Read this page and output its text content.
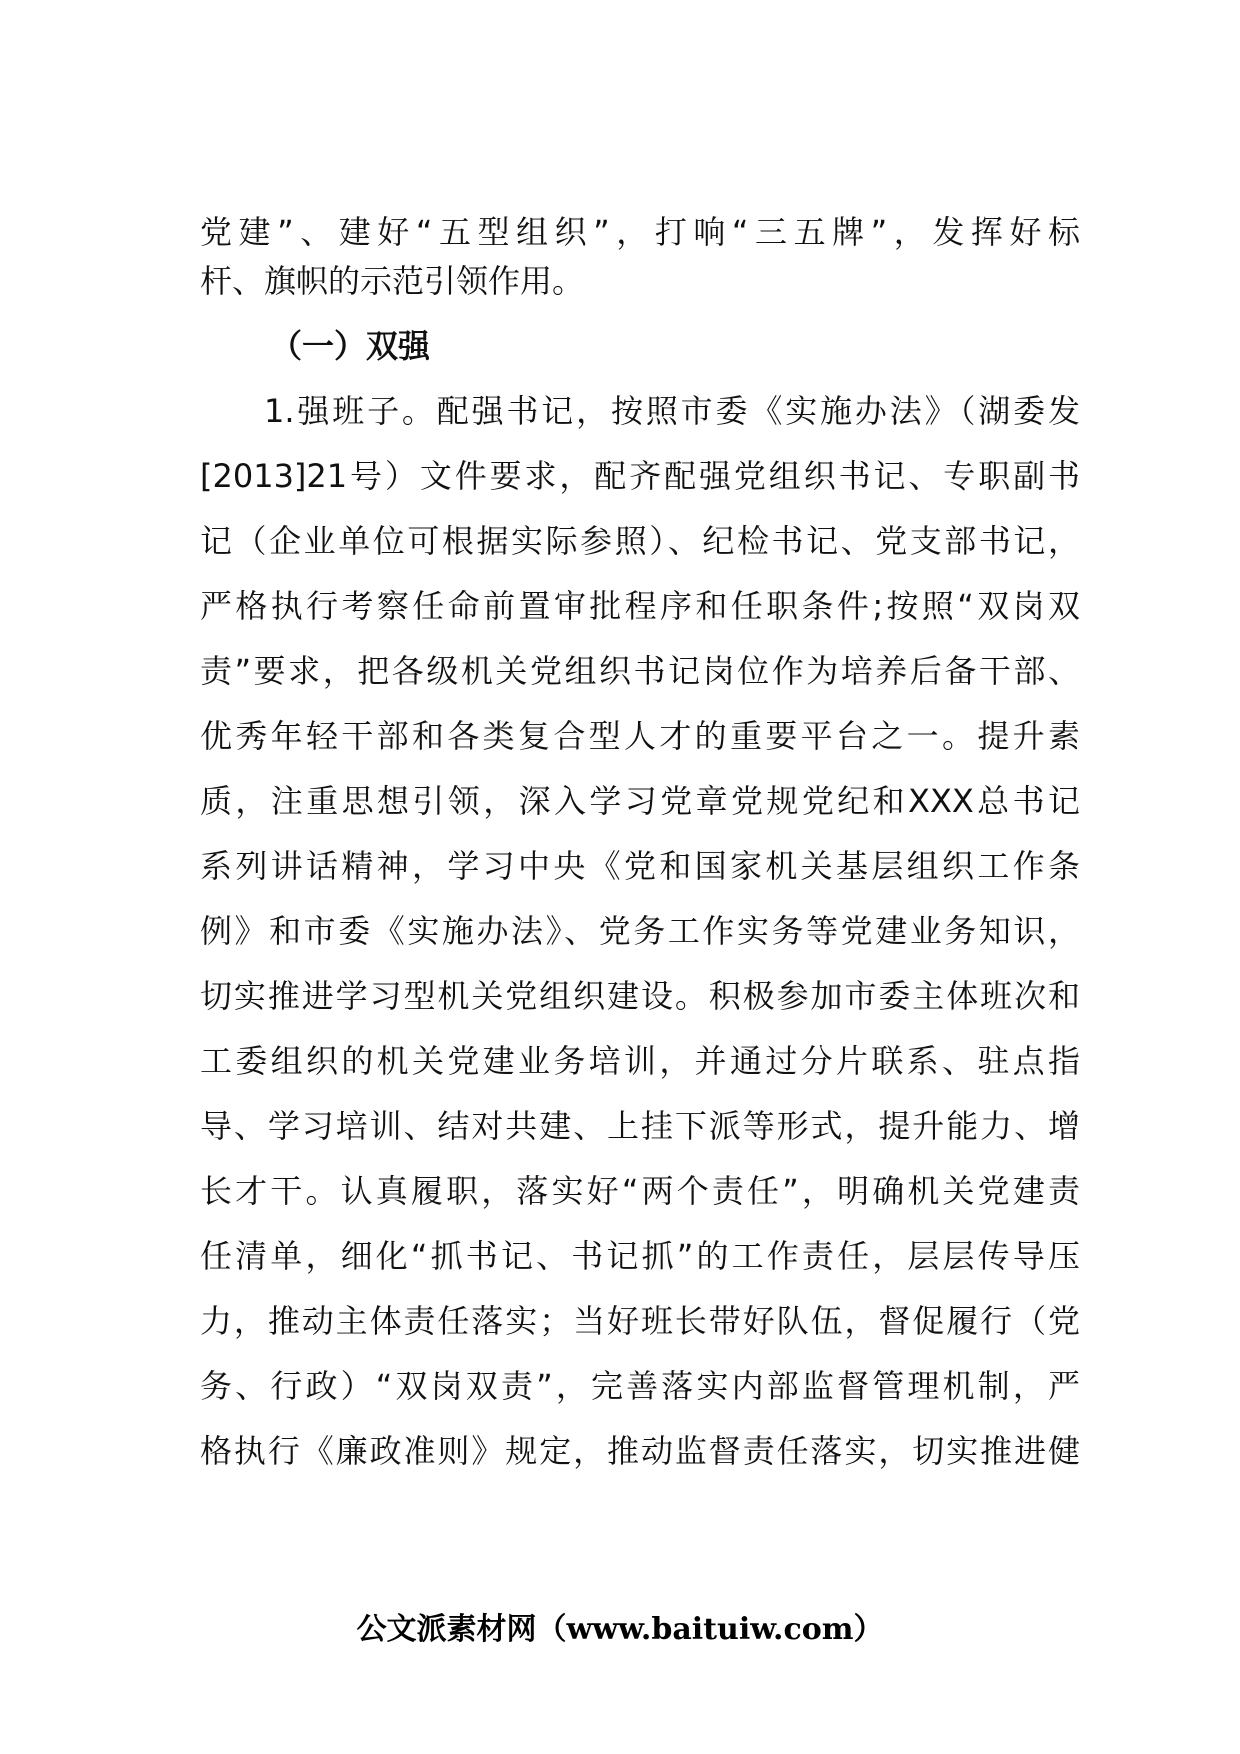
党建”、建好“五型组织”，打响“三五牌”，发挥好标
杆、旗帜的示范引领作用。
（一）双强
1.强班子。配强书记，按照市委《实施办法》（湖委发
[2013]21号）文件要求，配齐配强党组织书记、专职副书
记（企业单位可根据实际参照）、纪检书记、党支部书记，
严格执行考察任命前置审批程序和任职条件;按照“双岗双
责”要求，把各级机关党组织书记岗位作为培养后备干部、
优秀年轻干部和各类复合型人才的重要平台之一。提升素
质，注重思想引领，深入学习党章党规党纪和XXX总书记
系列讲话精神，学习中央《党和国家机关基层组织工作条
例》和市委《实施办法》、党务工作实务等党建业务知识，
切实推进学习型机关党组织建设。积极参加市委主体班次和
工委组织的机关党建业务培训，并通过分片联系、驻点指
导、学习培训、结对共建、上挂下派等形式，提升能力、增
长才干。认真履职，落实好“两个责任”，明确机关党建责
任清单，细化“抓书记、书记抓”的工作责任，层层传导压
力，推动主体责任落实；当好班长带好队伍，督促履行（党
务、行政）“双岗双责”，完善落实内部监督管理机制，严
格执行《廉政准则》规定，推动监督责任落实，切实推进健
公文派素材网（www.baituiw.com）
